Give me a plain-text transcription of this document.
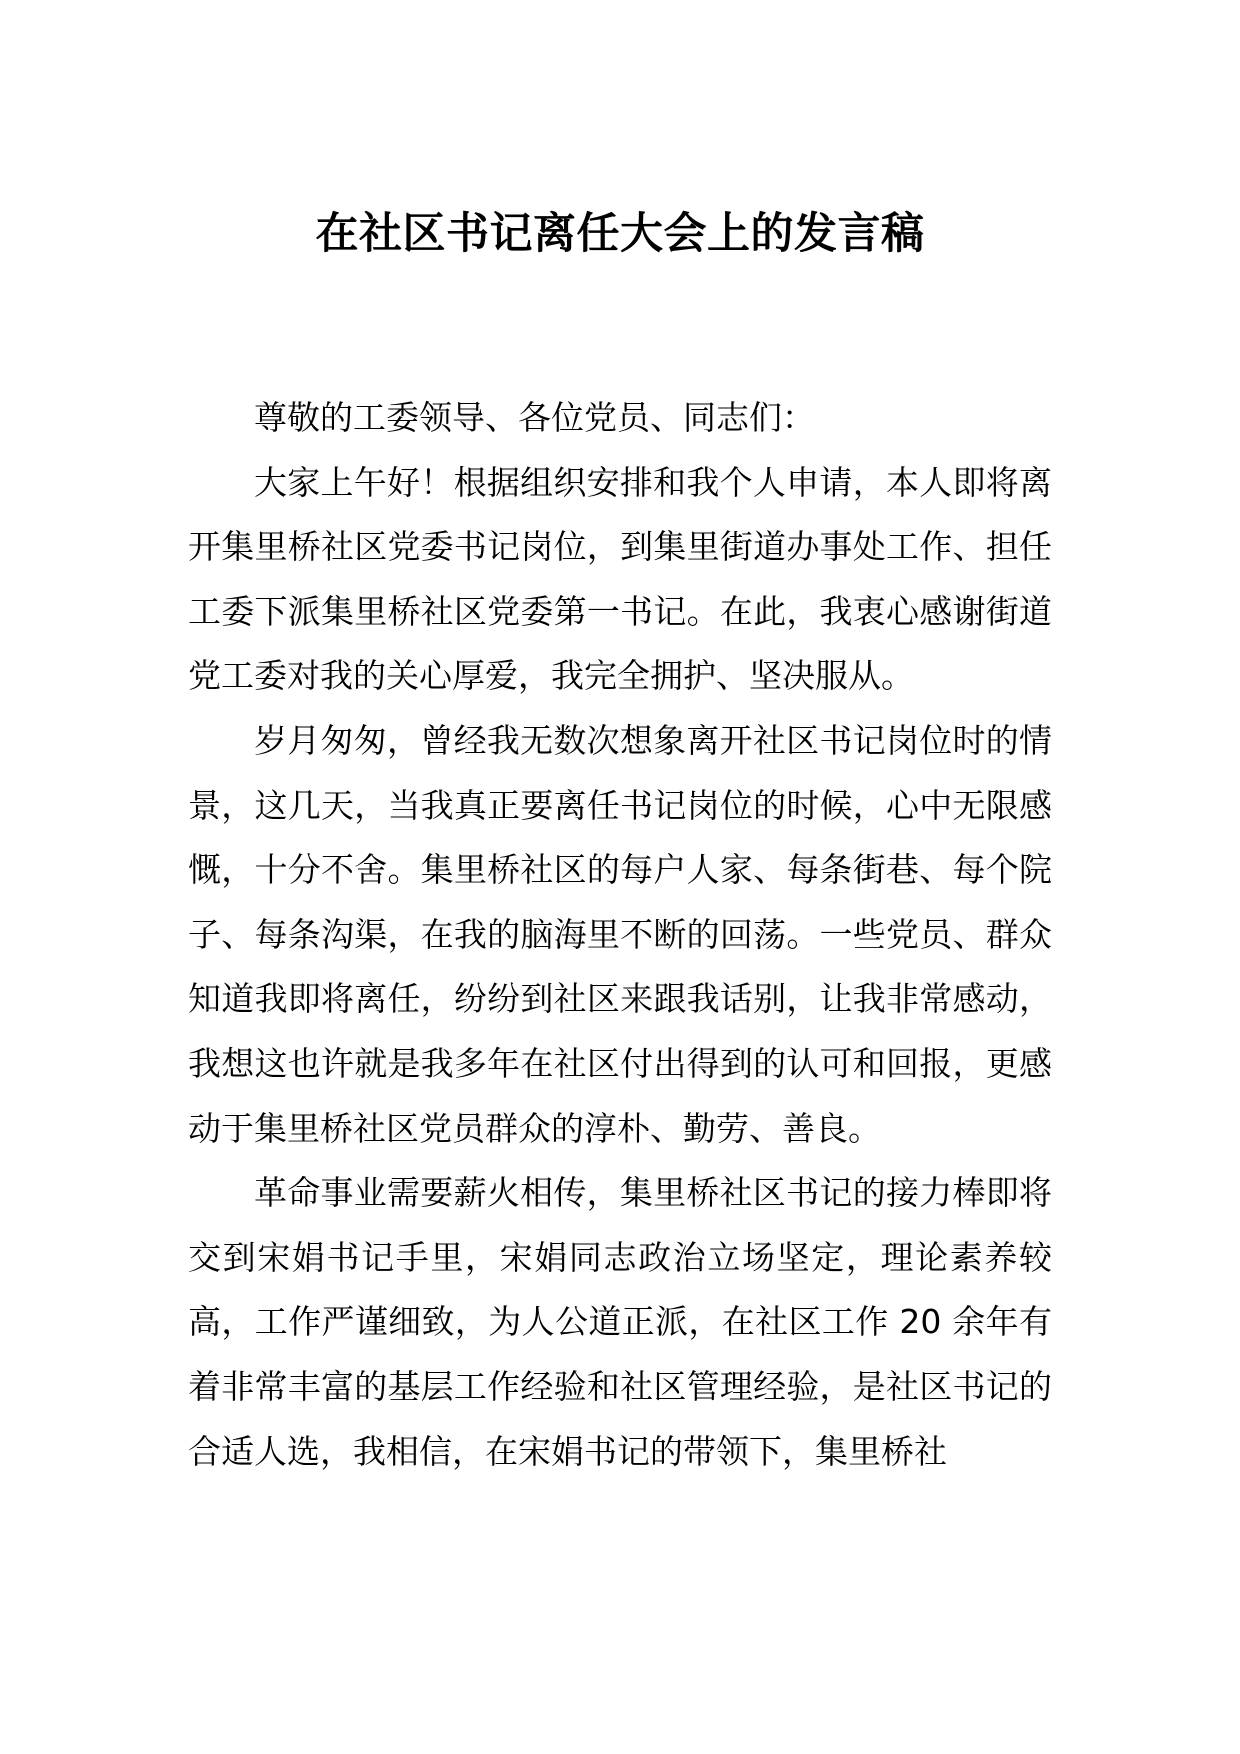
在社区书记离任大会上的发言稿

尊敬的工委领导、各位党员、同志们：

大家上午好！根据组织安排和我个人申请，本人即将离开集里桥社区党委书记岗位，到集里街道办事处工作、担任工委下派集里桥社区党委第一书记。在此，我衷心感谢街道党工委对我的关心厚爱，我完全拥护、坚决服从。

岁月匆匆，曾经我无数次想象离开社区书记岗位时的情景，这几天，当我真正要离任书记岗位的时候，心中无限感慨，十分不舍。集里桥社区的每户人家、每条街巷、每个院子、每条沟渠，在我的脑海里不断的回荡。一些党员、群众知道我即将离任，纷纷到社区来跟我话别，让我非常感动，我想这也许就是我多年在社区付出得到的认可和回报，更感动于集里桥社区党员群众的淳朴、勤劳、善良。

革命事业需要薪火相传，集里桥社区书记的接力棒即将交到宋娟书记手里，宋娟同志政治立场坚定，理论素养较高，工作严谨细致，为人公道正派，在社区工作 20 余年有着非常丰富的基层工作经验和社区管理经验，是社区书记的合适人选，我相信，在宋娟书记的带领下，集里桥社
